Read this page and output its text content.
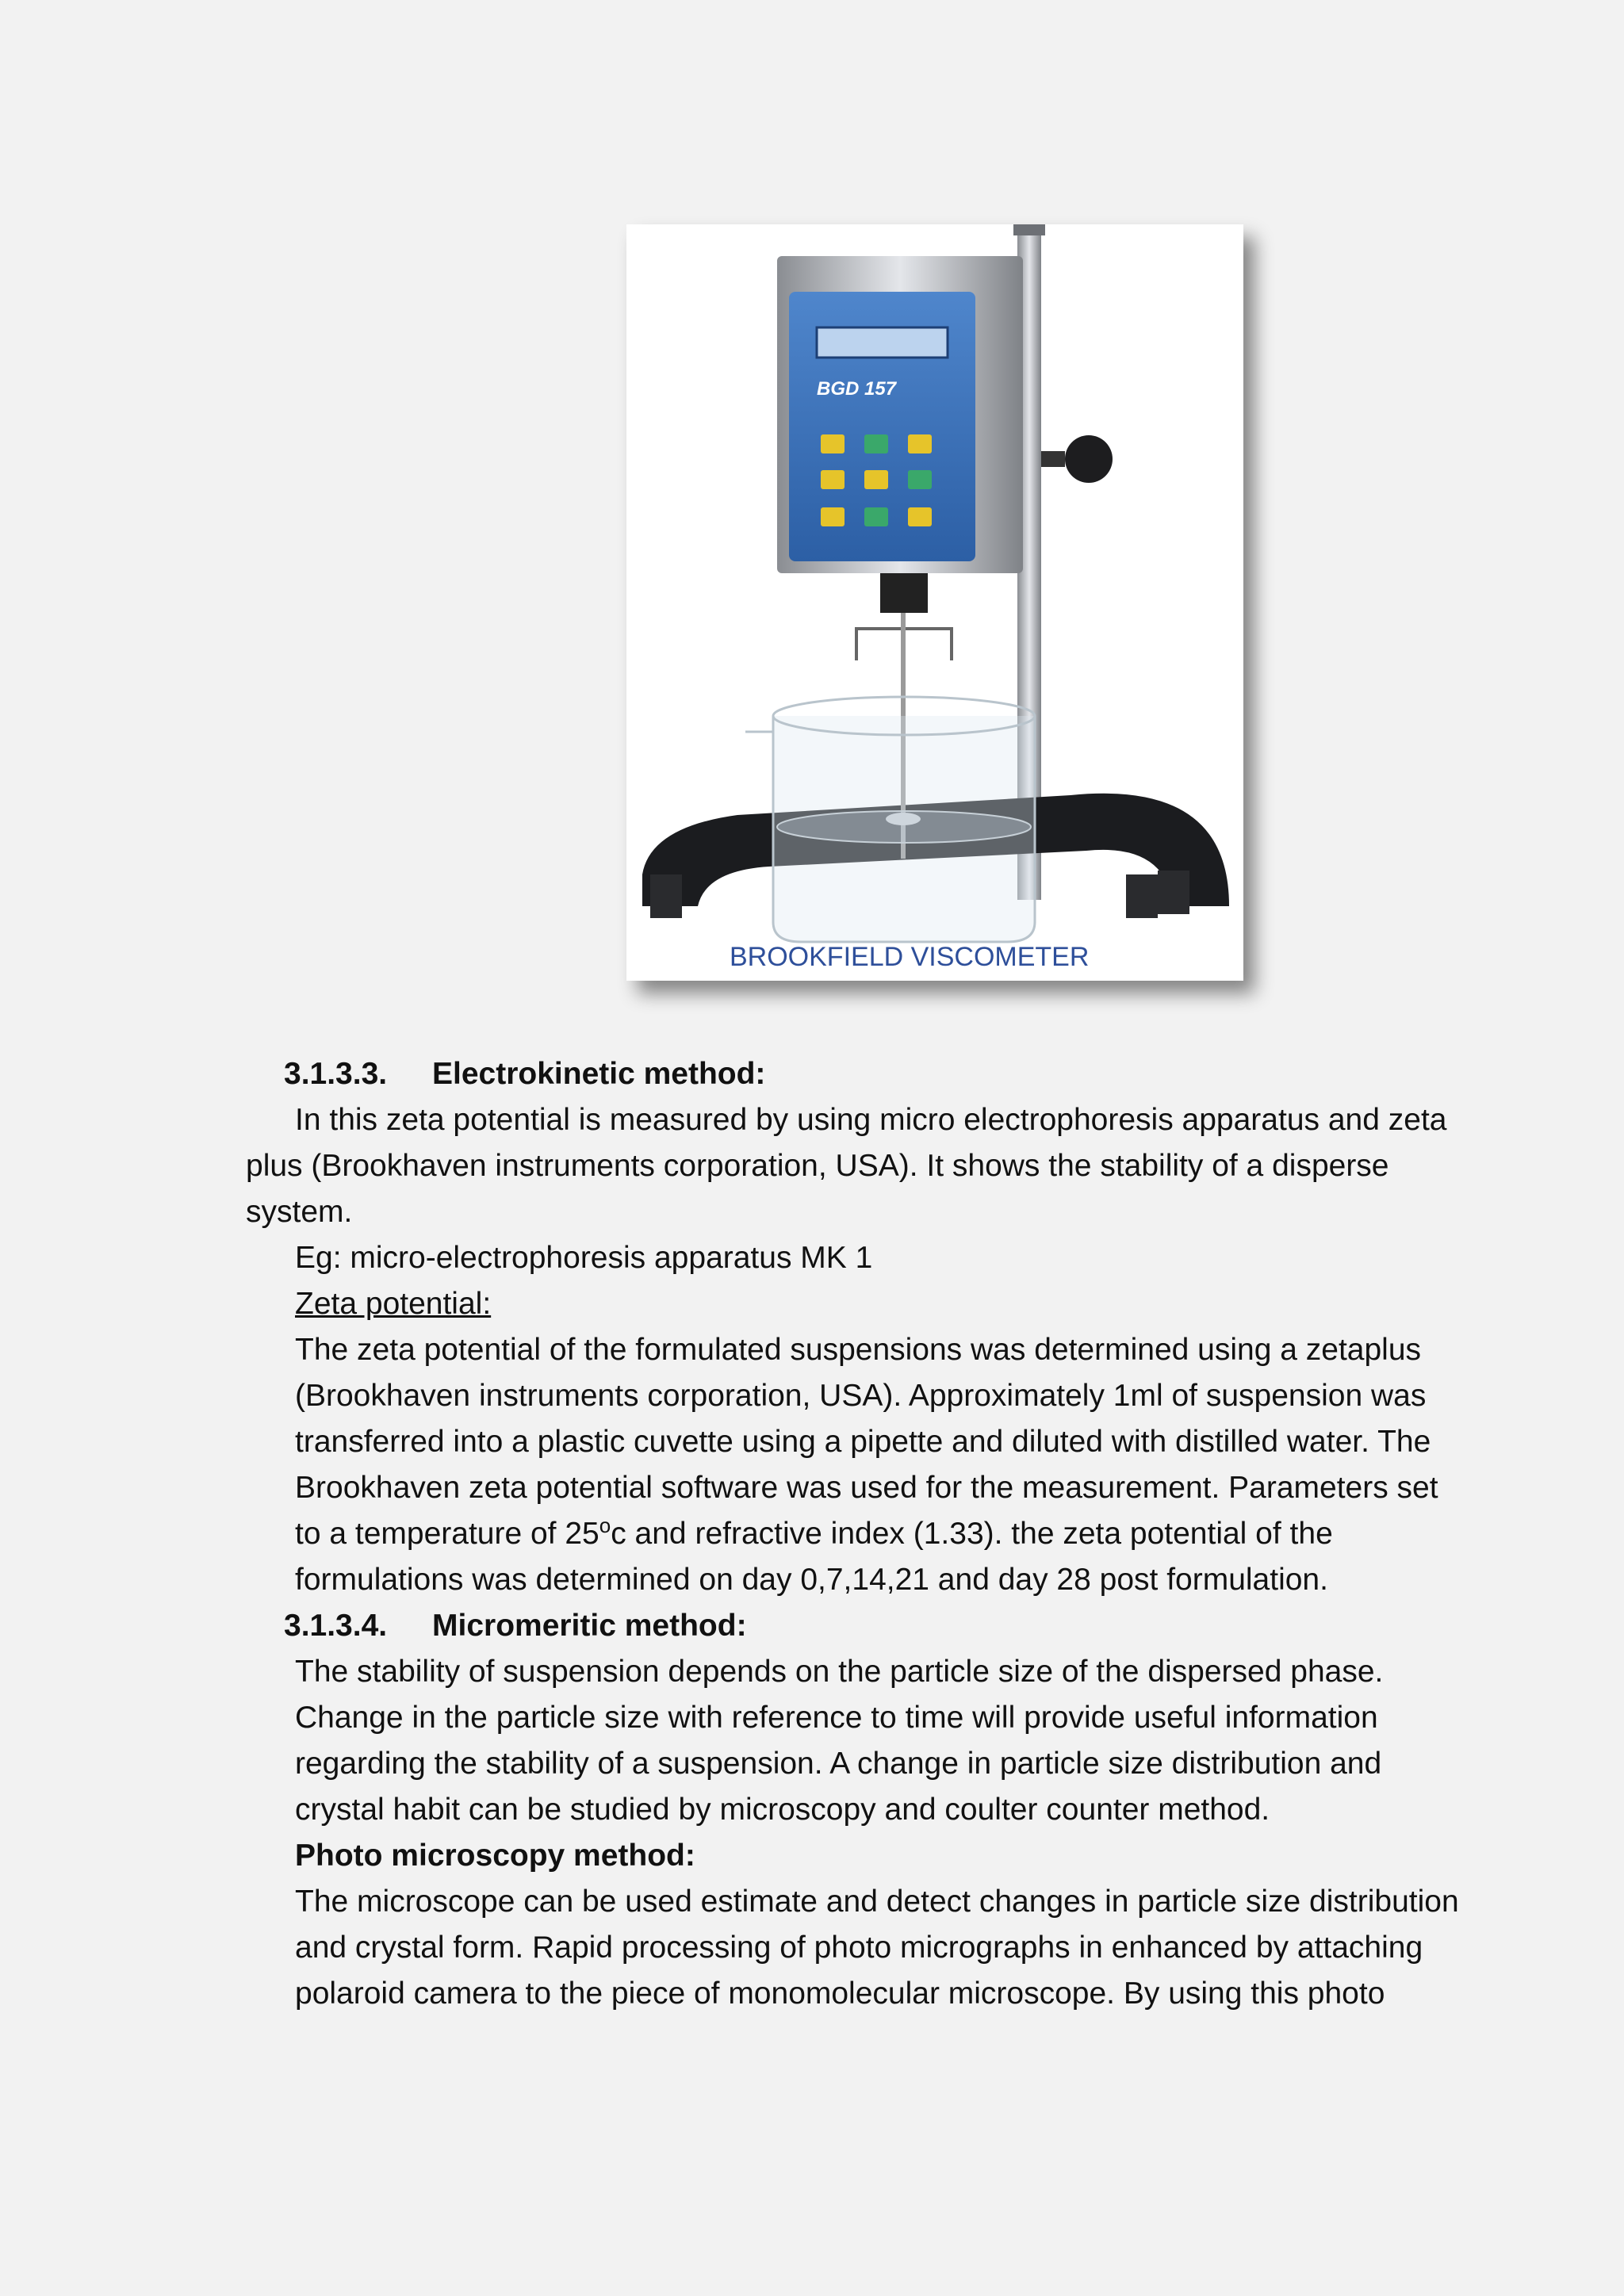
BGD 157
BROOKFIELD VISCOMETER
3.1.3.3. Electrokinetic method:
In this zeta potential is measured by using micro electrophoresis apparatus and zeta
plus (Brookhaven instruments corporation, USA). It shows the stability of a disperse
system.
Eg: micro-electrophoresis apparatus MK 1
Zeta potential:
The zeta potential of the formulated suspensions was determined using a zetaplus
(Brookhaven instruments corporation, USA). Approximately 1ml of suspension was
transferred into a plastic cuvette using a pipette and diluted with distilled water. The
Brookhaven zeta potential software was used for the measurement. Parameters set
to a temperature of 25$^o$c and refractive index (1.33). the zeta potential of the
formulations was determined on day 0,7,14,21 and day 28 post formulation.
3.1.3.4. Micromeritic method:
The stability of suspension depends on the particle size of the dispersed phase.
Change in the particle size with reference to time will provide useful information
regarding the stability of a suspension. A change in particle size distribution and
crystal habit can be studied by microscopy and coulter counter method.
Photo microscopy method:
The microscope can be used estimate and detect changes in particle size distribution
and crystal form. Rapid processing of photo micrographs in enhanced by attaching
polaroid camera to the piece of monomolecular microscope. By using this photo
